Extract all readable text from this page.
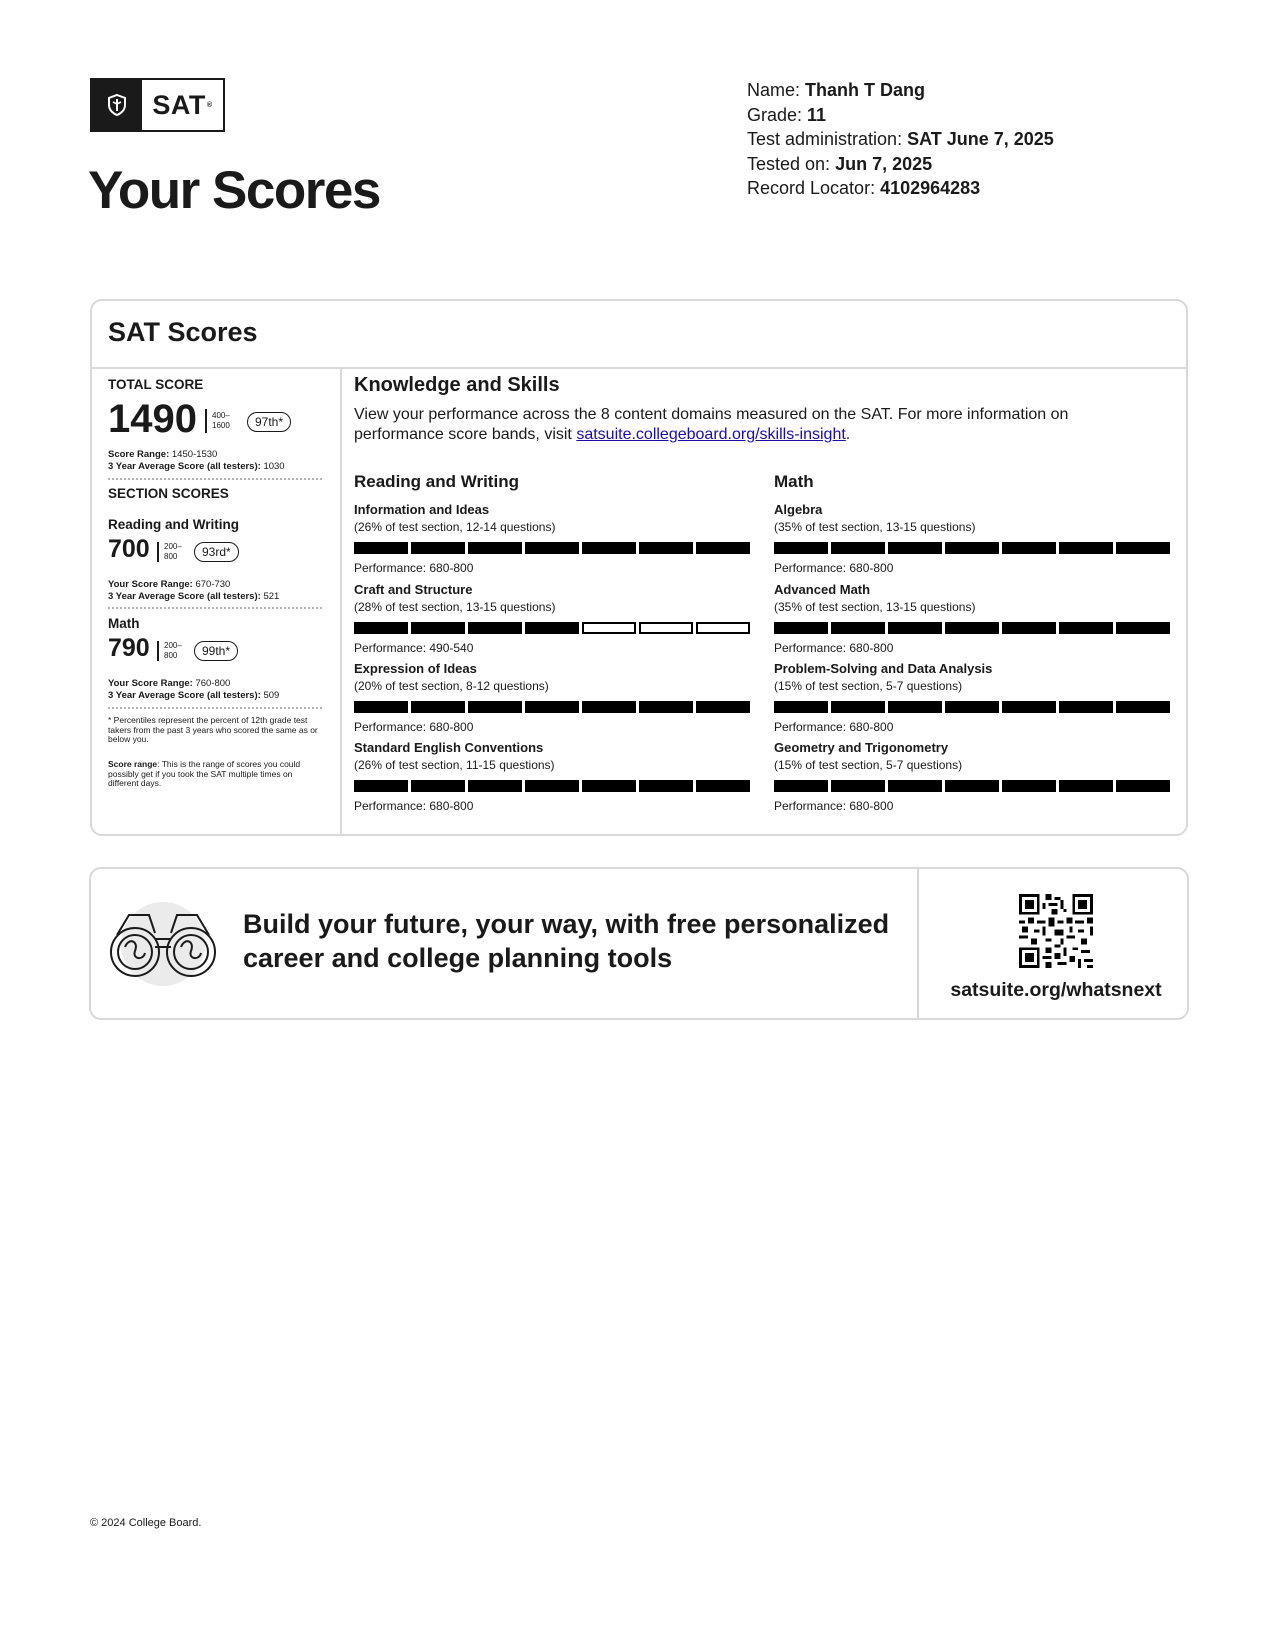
SAT ®
Your Scores
Name: Thanh T Dang
Grade: 11
Test administration: SAT June 7, 2025
Tested on: Jun 7, 2025
Record Locator: 4102964283
SAT Scores
TOTAL SCORE
1490 400–
1600	97th*
Score Range: 1450-1530
3 Year Average Score (all testers): 1030
SECTION SCORES
Reading and Writing
700 200–
800	93rd*
Your Score Range: 670-730
3 Year Average Score (all testers): 521
Math
790 200–
800	99th*
Your Score Range: 760-800
3 Year Average Score (all testers): 509
* Percentiles represent the percent of 12th grade test takers from the past 3 years who scored the same as or below you.
Score range: This is the range of scores you could possibly get if you took the SAT multiple times on different days.
Knowledge and Skills
View your performance across the 8 content domains measured on the SAT. For more information on performance score bands, visit satsuite.collegeboard.org/skills-insight.
Reading and Writing	Math
Information and Ideas
(26% of test section, 12-14 questions)
Performance: 680-800
Craft and Structure
(28% of test section, 13-15 questions)
Performance: 490-540
Expression of Ideas
(20% of test section, 8-12 questions)
Performance: 680-800
Standard English Conventions
(26% of test section, 11-15 questions)
Performance: 680-800
Algebra
(35% of test section, 13-15 questions)
Performance: 680-800
Advanced Math
(35% of test section, 13-15 questions)
Performance: 680-800
Problem-Solving and Data Analysis
(15% of test section, 5-7 questions)
Performance: 680-800
Geometry and Trigonometry
(15% of test section, 5-7 questions)
Performance: 680-800
Build your future, your way, with free personalized career and college planning tools
satsuite.org/whatsnext
© 2024 College Board.
